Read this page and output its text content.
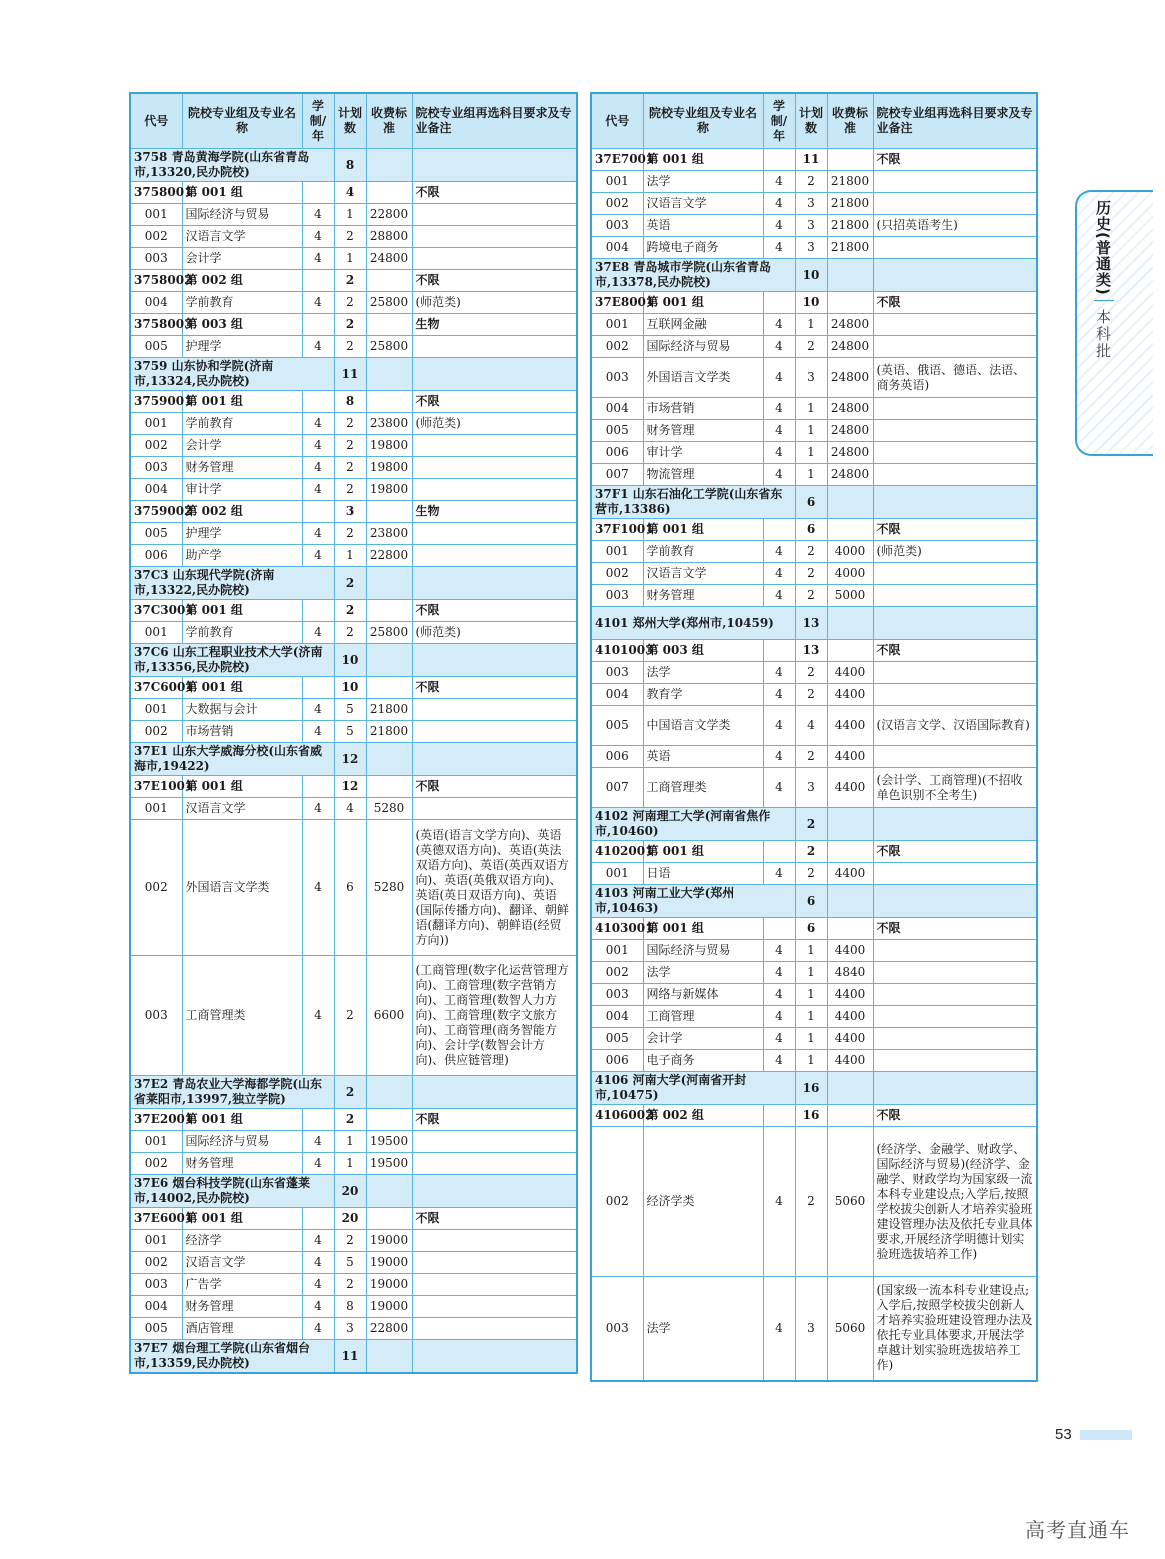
代号	院校专业组及专业名称	学制/年	计划数	收费标准	院校专业组再选科目要求及专业备注
3758 青岛黄海学院(山东省青岛市,13320,民办院校)			8		
3758001	第 001 组		4		不限
001	国际经济与贸易	4	1	22800	
002	汉语言文学	4	2	28800	
003	会计学	4	1	24800	
3758002	第 002 组		2		不限
004	学前教育	4	2	25800	(师范类)
3758003	第 003 组		2		生物
005	护理学	4	2	25800	
3759 山东协和学院(济南市,13324,民办院校)			11		
3759001	第 001 组		8		不限
001	学前教育	4	2	23800	(师范类)
002	会计学	4	2	19800	
003	财务管理	4	2	19800	
004	审计学	4	2	19800	
3759002	第 002 组		3		生物
005	护理学	4	2	23800	
006	助产学	4	1	22800	
37C3 山东现代学院(济南市,13322,民办院校)			2		
37C3001	第 001 组		2		不限
001	学前教育	4	2	25800	(师范类)
37C6 山东工程职业技术大学(济南市,13356,民办院校)			10		
37C6001	第 001 组		10		不限
001	大数据与会计	4	5	21800	
002	市场营销	4	5	21800	
37E1 山东大学威海分校(山东省威海市,19422)			12		
37E1001	第 001 组		12		不限
001	汉语言文学	4	4	5280	
002	外国语言文学类	4	6	5280	(英语(语言文学方向)、英语(英德双语方向)、英语(英法双语方向)、英语(英西双语方向)、英语(英俄双语方向)、英语(英日双语方向)、英语(国际传播方向)、翻译、朝鲜语(翻译方向)、朝鲜语(经贸方向))
003	工商管理类	4	2	6600	(工商管理(数字化运营管理方向)、工商管理(数字营销方向)、工商管理(数智人力方向)、工商管理(数字文旅方向)、工商管理(商务智能方向)、会计学(数智会计方向)、供应链管理)
37E2 青岛农业大学海都学院(山东省莱阳市,13997,独立学院)			2		
37E2001	第 001 组		2		不限
001	国际经济与贸易	4	1	19500	
002	财务管理	4	1	19500	
37E6 烟台科技学院(山东省蓬莱市,14002,民办院校)			20		
37E6001	第 001 组		20		不限
001	经济学	4	2	19000	
002	汉语言文学	4	5	19000	
003	广告学	4	2	19000	
004	财务管理	4	8	19000	
005	酒店管理	4	3	22800	
37E7 烟台理工学院(山东省烟台市,13359,民办院校)			11		
代号	院校专业组及专业名称	学制/年	计划数	收费标准	院校专业组再选科目要求及专业备注
37E7001	第 001 组		11		不限
001	法学	4	2	21800	
002	汉语言文学	4	3	21800	
003	英语	4	3	21800	(只招英语考生)
004	跨境电子商务	4	3	21800	
37E8 青岛城市学院(山东省青岛市,13378,民办院校)			10		
37E8001	第 001 组		10		不限
001	互联网金融	4	1	24800	
002	国际经济与贸易	4	2	24800	
003	外国语言文学类	4	3	24800	(英语、俄语、德语、法语、商务英语)
004	市场营销	4	1	24800	
005	财务管理	4	1	24800	
006	审计学	4	1	24800	
007	物流管理	4	1	24800	
37F1 山东石油化工学院(山东省东营市,13386)			6		
37F1001	第 001 组		6		不限
001	学前教育	4	2	4000	(师范类)
002	汉语言文学	4	2	4000	
003	财务管理	4	2	5000	
4101 郑州大学(郑州市,10459)			13		
4101003	第 003 组		13		不限
003	法学	4	2	4400	
004	教育学	4	2	4400	
005	中国语言文学类	4	4	4400	(汉语言文学、汉语国际教育)
006	英语	4	2	4400	
007	工商管理类	4	3	4400	(会计学、工商管理)(不招收单色识别不全考生)
4102 河南理工大学(河南省焦作市,10460)			2		
4102001	第 001 组		2		不限
001	日语	4	2	4400	
4103 河南工业大学(郑州市,10463)			6		
4103001	第 001 组		6		不限
001	国际经济与贸易	4	1	4400	
002	法学	4	1	4840	
003	网络与新媒体	4	1	4400	
004	工商管理	4	1	4400	
005	会计学	4	1	4400	
006	电子商务	4	1	4400	
4106 河南大学(河南省开封市,10475)			16		
4106002	第 002 组		16		不限
002	经济学类	4	2	5060	(经济学、金融学、财政学、国际经济与贸易)(经济学、金融学、财政学均为国家级一流本科专业建设点;入学后,按照学校拔尖创新人才培养实验班建设管理办法及依托专业具体要求,开展经济学明德计划实验班选拔培养工作)
003	法学	4	3	5060	(国家级一流本科专业建设点;入学后,按照学校拔尖创新人才培养实验班建设管理办法及依托专业具体要求,开展法学卓越计划实验班选拔培养工作)
历史
(普通类)
本科批
53
高考直通车
